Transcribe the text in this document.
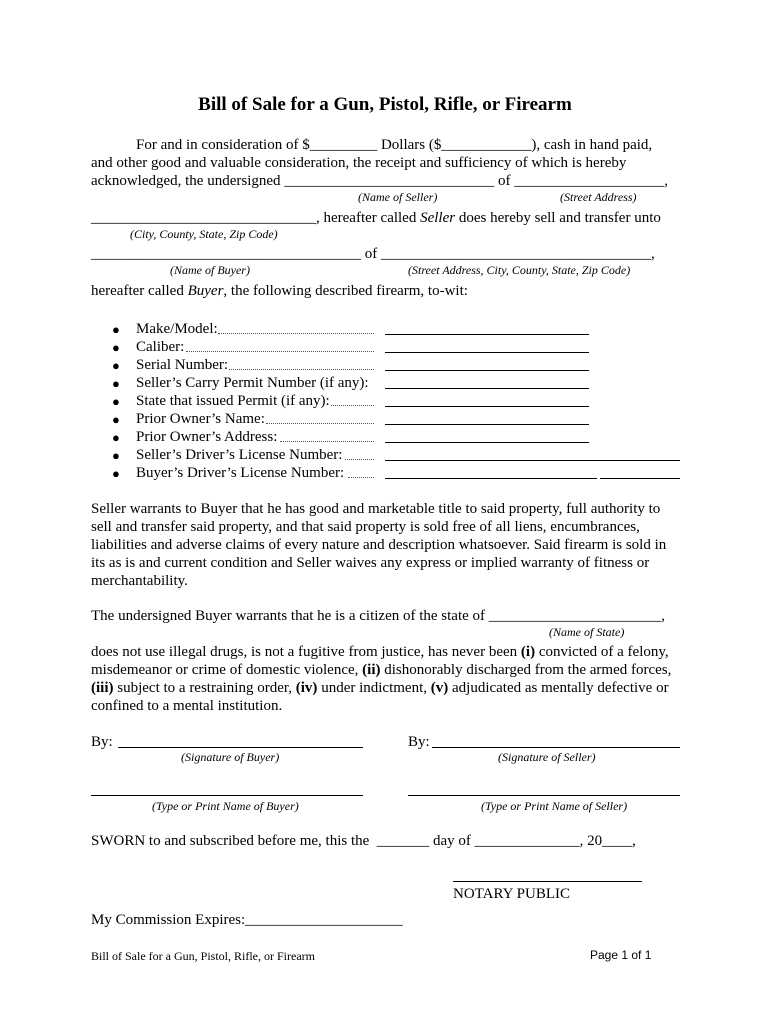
Bill of Sale for a Gun, Pistol, Rifle, or Firearm
For and in consideration of $_________ Dollars ($____________), cash in hand paid,
and other good and valuable consideration, the receipt and sufficiency of which is hereby
acknowledged, the undersigned ____________________________ of ____________________,
(Name of Seller)	(Street Address)
______________________________, hereafter called Seller does hereby sell and transfer unto
(City, County, State, Zip Code)
____________________________________ of ____________________________________,
(Name of Buyer)	(Street Address, City, County, State, Zip Code)
hereafter called Buyer, the following described firearm, to-wit:
● Make/Model:
● Caliber:
● Serial Number:
● Seller’s Carry Permit Number (if any):
● State that issued Permit (if any):
● Prior Owner’s Name:
● Prior Owner’s Address:
● Seller’s Driver’s License Number:
● Buyer’s Driver’s License Number:
Seller warrants to Buyer that he has good and marketable title to said property, full authority to
sell and transfer said property, and that said property is sold free of all liens, encumbrances,
liabilities and adverse claims of every nature and description whatsoever. Said firearm is sold in
its as is and current condition and Seller waives any express or implied warranty of fitness or
merchantability.
The undersigned Buyer warrants that he is a citizen of the state of _______________________,
(Name of State)
does not use illegal drugs, is not a fugitive from justice, has never been (i) convicted of a felony,
misdemeanor or crime of domestic violence, (ii) dishonorably discharged from the armed forces,
(iii) subject to a restraining order, (iv) under indictment, (v) adjudicated as mentally defective or
confined to a mental institution.
By:	By:
(Signature of Buyer)	(Signature of Seller)
(Type or Print Name of Buyer)	(Type or Print Name of Seller)
SWORN to and subscribed before me, this the  _______ day of ______________, 20____,
NOTARY PUBLIC
My Commission Expires:_____________________
Bill of Sale for a Gun, Pistol, Rifle, or Firearm	Page 1 of 1
